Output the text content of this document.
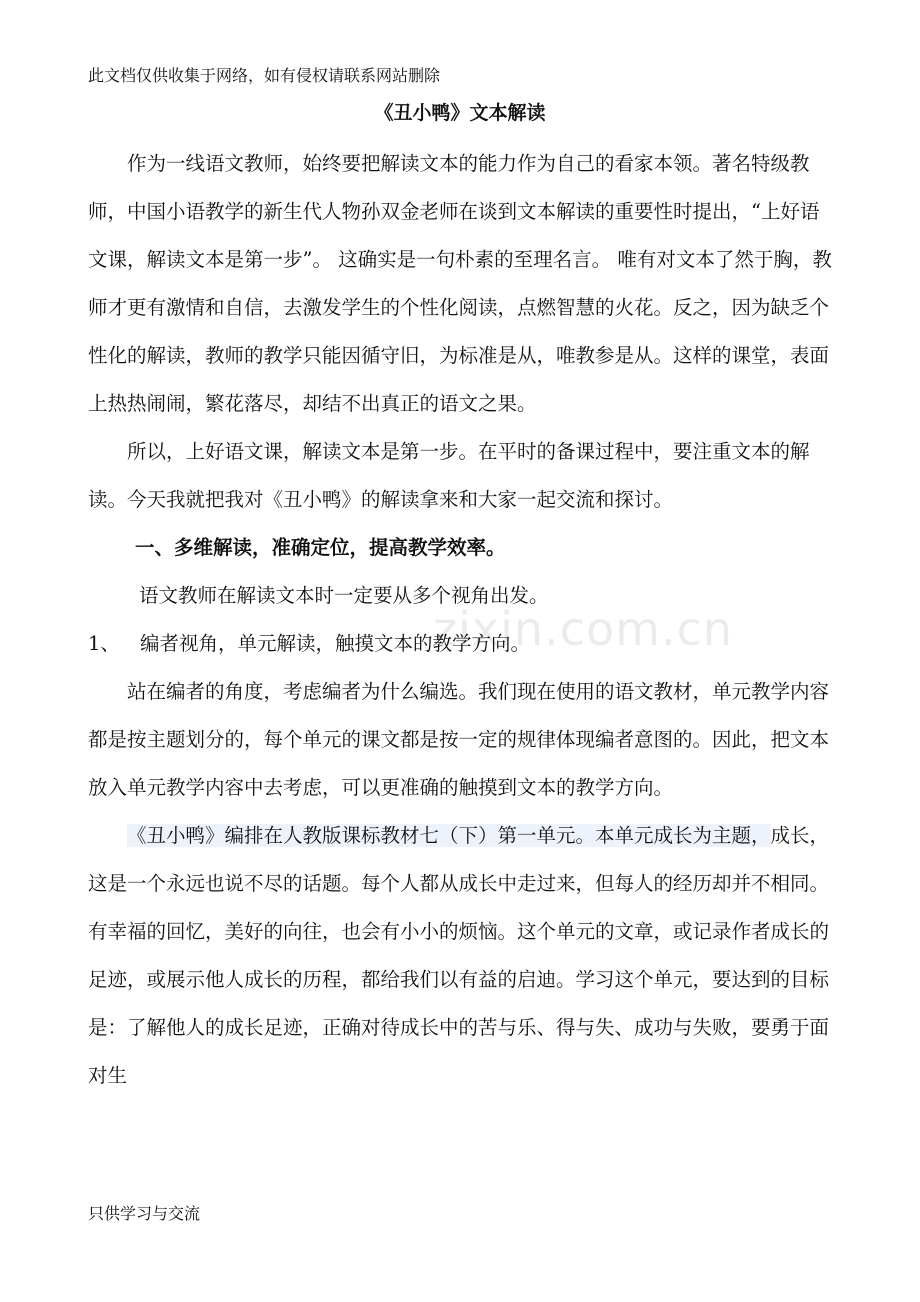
此文档仅供收集于网络，如有侵权请联系网站删除
《丑小鸭》文本解读

作为一线语文教师，始终要把解读文本的能力作为自己的看家本领。著名特级教师，中国小语教学的新生代人物孙双金老师在谈到文本解读的重要性时提出，“上好语文课，解读文本是第一步”。 这确实是一句朴素的至理名言。 唯有对文本了然于胸，教师才更有激情和自信，去激发学生的个性化阅读，点燃智慧的火花。反之，因为缺乏个性化的解读，教师的教学只能因循守旧，为标准是从，唯教参是从。这样的课堂，表面上热热闹闹，繁花落尽，却结不出真正的语文之果。

所以，上好语文课，解读文本是第一步。在平时的备课过程中，要注重文本的解读。今天我就把我对《丑小鸭》的解读拿来和大家一起交流和探讨。

一、多维解读，准确定位，提高教学效率。

语文教师在解读文本时一定要从多个视角出发。

1、 编者视角，单元解读，触摸文本的教学方向。

站在编者的角度，考虑编者为什么编选。我们现在使用的语文教材，单元教学内容都是按主题划分的，每个单元的课文都是按一定的规律体现编者意图的。因此，把文本放入单元教学内容中去考虑，可以更准确的触摸到文本的教学方向。

《丑小鸭》编排在人教版课标教材七（下）第一单元。本单元成长为主题，成长，这是一个永远也说不尽的话题。每个人都从成长中走过来，但每人的经历却并不相同。有幸福的回忆，美好的向往，也会有小小的烦恼。这个单元的文章，或记录作者成长的足迹，或展示他人成长的历程，都给我们以有益的启迪。学习这个单元，要达到的目标是：了解他人的成长足迹，正确对待成长中的苦与乐、得与失、成功与失败，要勇于面对生

zixin.com.cn
只供学习与交流
